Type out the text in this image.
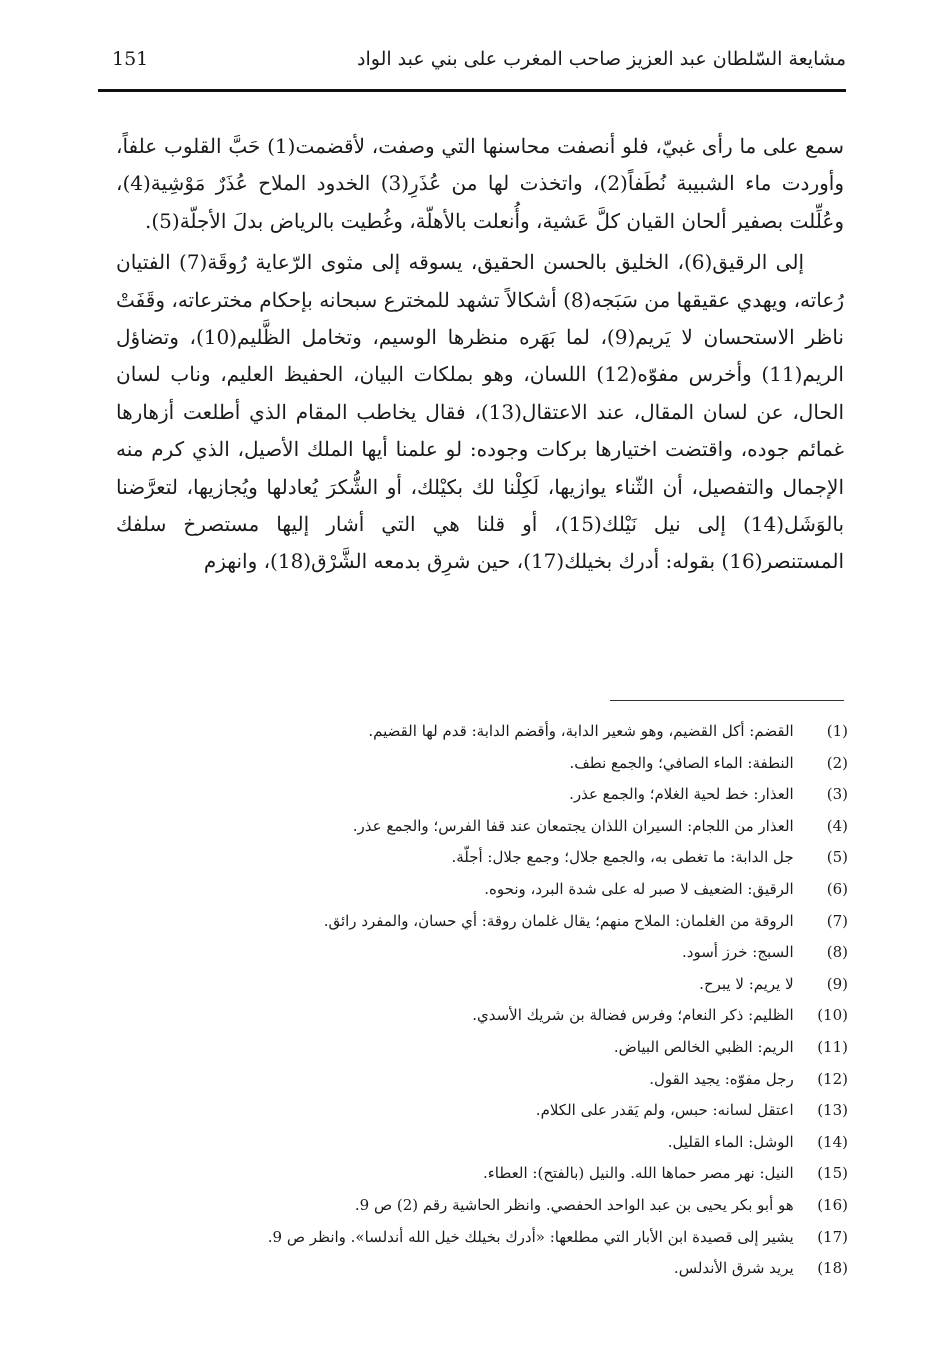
مشايعة السّلطان عبد العزيز صاحب المغرب على بني عبد الواد
151

سمع على ما رأى غبيّ، فلو أنصفت محاسنها التي وصفت، لأقضمت(1) حَبَّ القلوب علفاً، وأوردت ماء الشبيبة نُطَفاً(2)، واتخذت لها من عُذَرِ(3) الخدود الملاح عُذَرٌ مَوْشِية(4)، وعُلِّلت بصفير ألحان القيان كلَّ عَشية، وأُنعلت بالأهلّة، وغُطيت بالرياض بدلَ الأجلّة(5).

إلى الرقيق(6)، الخليق بالحسن الحقيق، يسوقه إلى مثوى الرّعاية رُوقَة(7) الفتيان رُعاته، ويهدي عقيقها من سَبَجه(8) أشكالاً تشهد للمخترع سبحانه بإحكام مخترعاته، وقَفَتْ ناظر الاستحسان لا يَريم(9)، لما بَهَره منظرها الوسيم، وتخامل الظَّليم(10)، وتضاؤل الريم(11) وأخرس مفوّه(12) اللسان، وهو بملكات البيان، الحفيظ العليم، وناب لسان الحال، عن لسان المقال، عند الاعتقال(13)، فقال يخاطب المقام الذي أطلعت أزهارها غمائم جوده، واقتضت اختيارها بركات وجوده: لو علمنا أيها الملك الأصيل، الذي كرم منه الإجمال والتفصيل، أن الثّناء يوازيها، لَكِلْنا لك بكيْلك، أو الشُّكرَ يُعادلها ويُجازيها، لتعرَّضنا بالوَشَل(14) إلى نيل نَيْلك(15)، أو قلنا هي التي أشار إليها مستصرخ سلفك المستنصر(16) بقوله: أدرك بخيلك(17)، حين شرِق بدمعه الشَّرْق(18)، وانهزم

(1)   القضم: أكل القضيم، وهو شعير الدابة، وأقضم الدابة: قدم لها القضيم.
(2)   النطفة: الماء الصافي؛ والجمع نطف.
(3)   العذار: خط لحية الغلام؛ والجمع عذر.
(4)   العذار من اللجام: السيران اللذان يجتمعان عند قفا الفرس؛ والجمع عذر.
(5)   جل الدابة: ما تغطى به، والجمع جلال؛ وجمع جلال: أجلّة.
(6)   الرقيق: الضعيف لا صبر له على شدة البرد، ونحوه.
(7)   الروقة من الغلمان: الملاح منهم؛ يقال غلمان روقة: أي حسان، والمفرد رائق.
(8)   السبج: خرز أسود.
(9)   لا يريم: لا يبرح.
(10)   الظليم: ذكر النعام؛ وفرس فضالة بن شريك الأسدي.
(11)   الريم: الظبي الخالص البياض.
(12)   رجل مفوّه: يجيد القول.
(13)   اعتقل لسانه: حبس، ولم يَقدر على الكلام.
(14)   الوشل: الماء القليل.
(15)   النيل: نهر مصر حماها الله. والنيل (بالفتح): العطاء.
(16)   هو أبو بكر يحيى بن عبد الواحد الحفصي. وانظر الحاشية رقم (2) ص 9.
(17)   يشير إلى قصيدة ابن الأبار التي مطلعها: «أدرك بخيلك خيل الله أندلسا». وانظر ص 9.
(18)   يريد شرق الأندلس.
